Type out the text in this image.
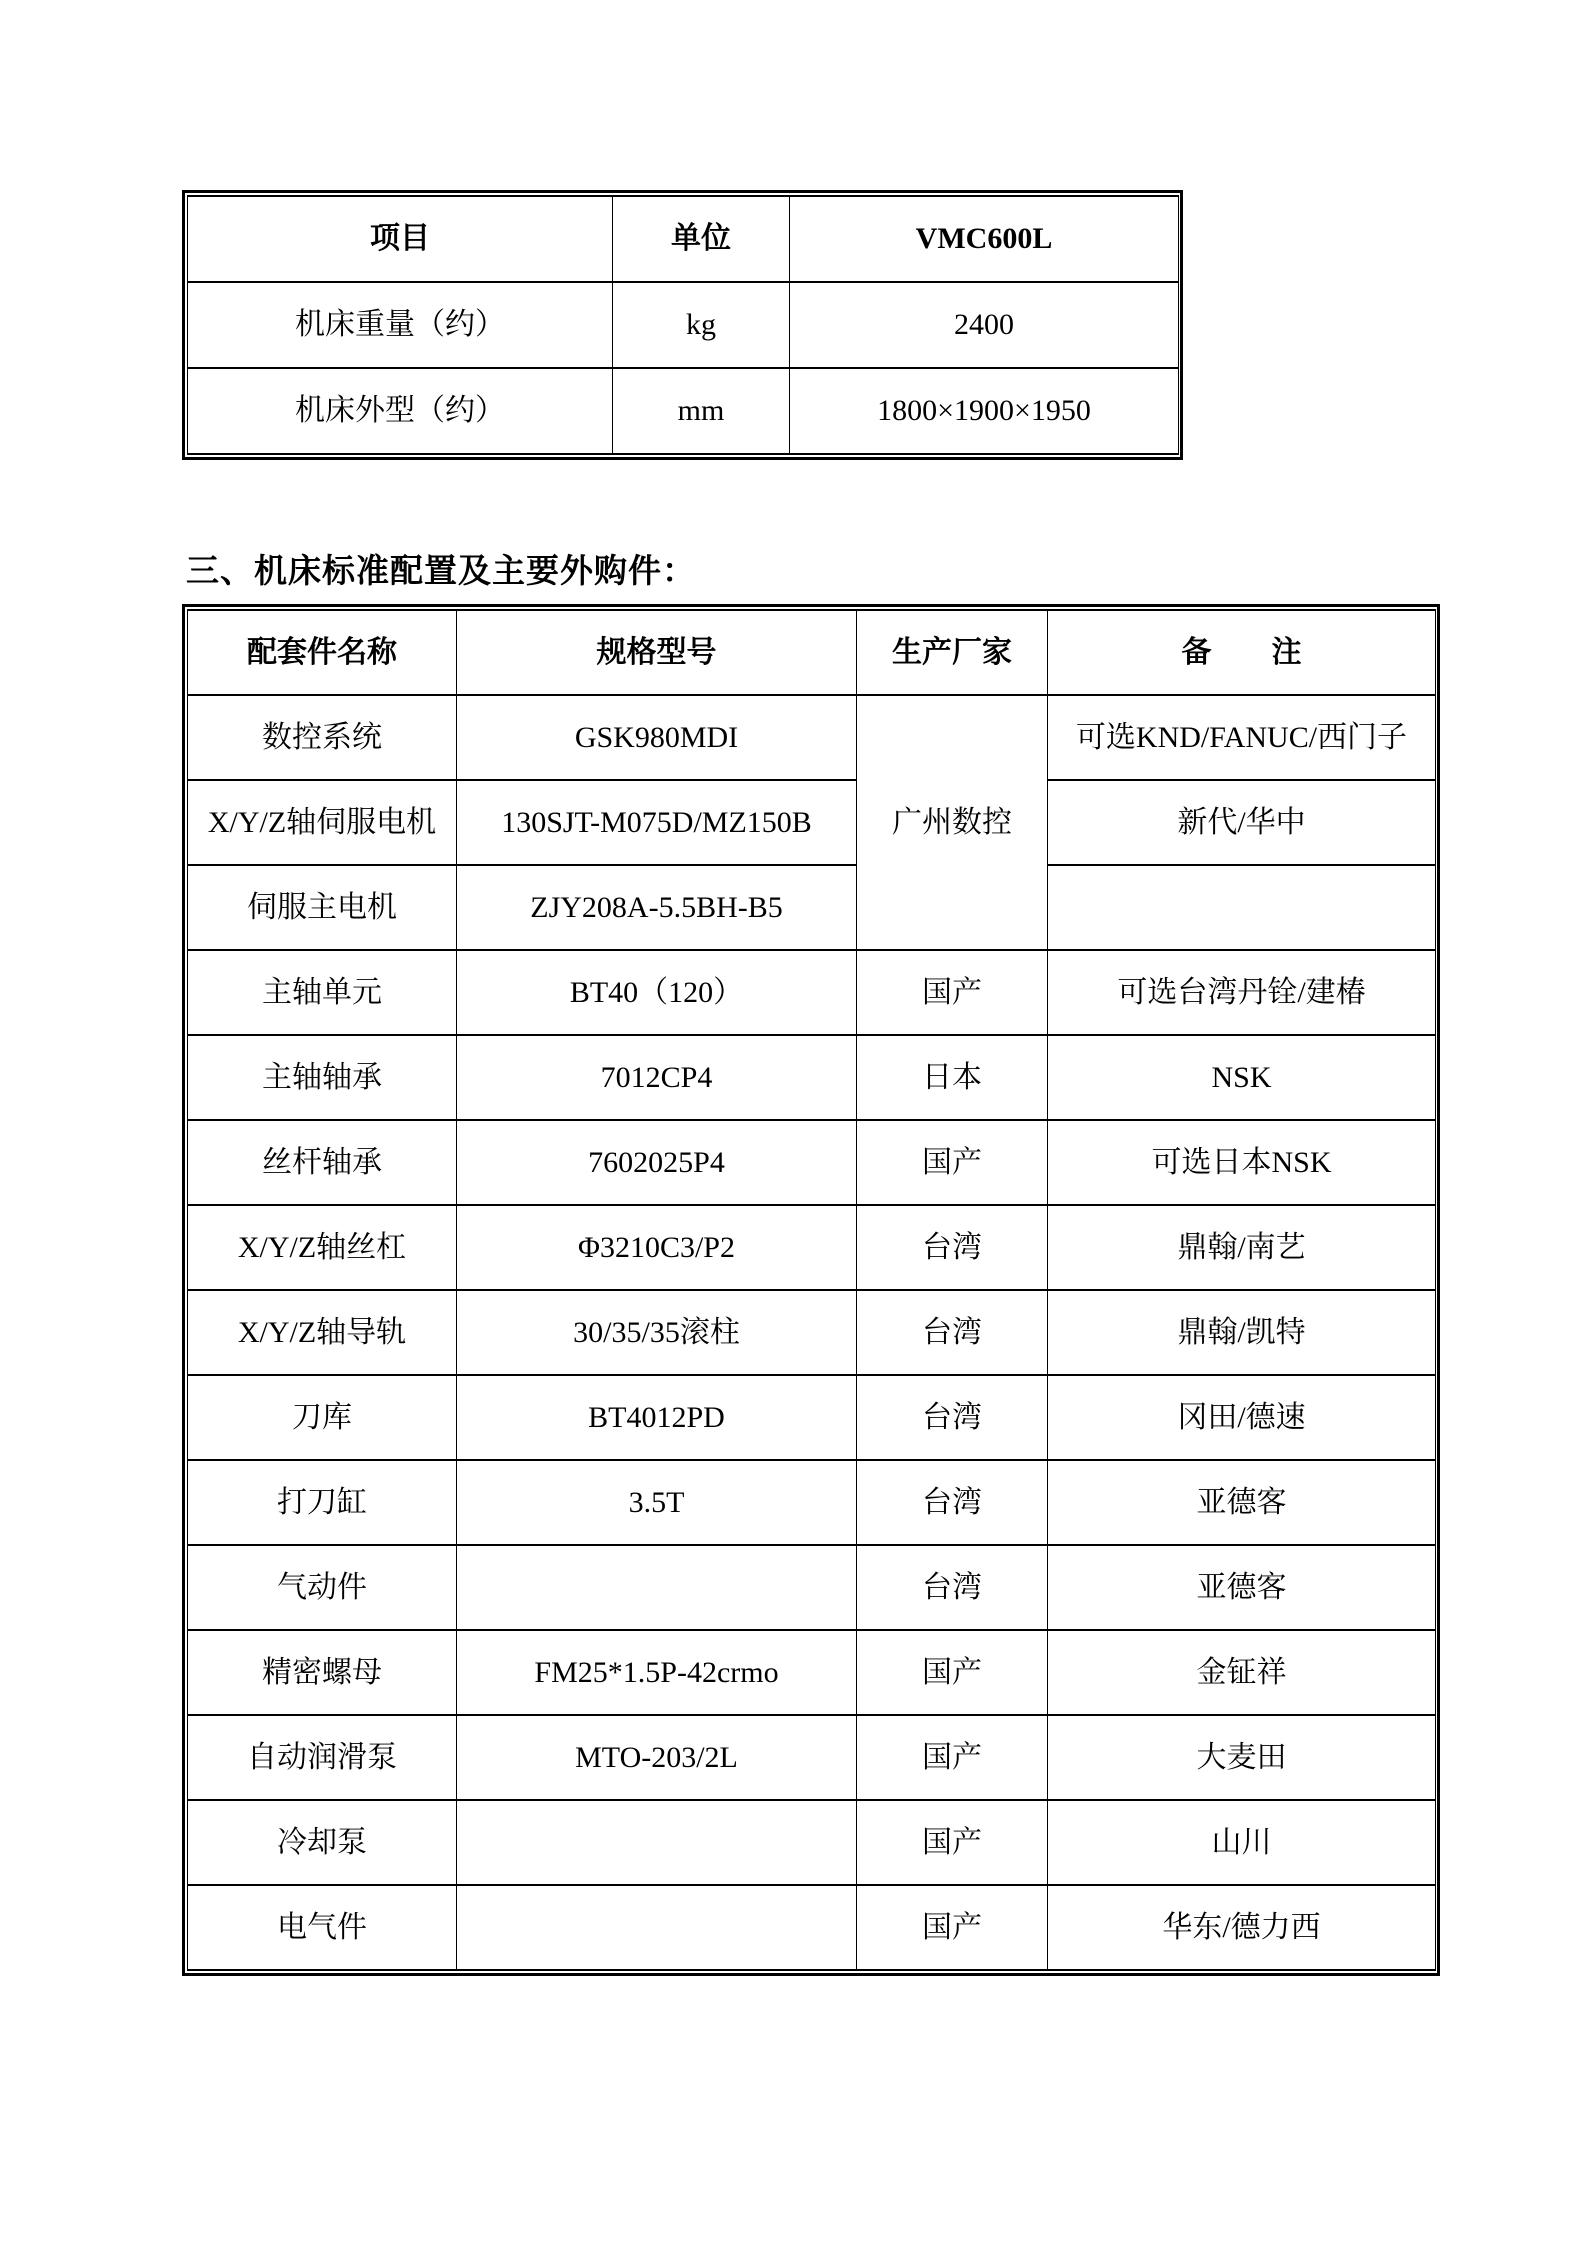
项目	单位	VMC600L
机床重量（约）	kg	2400
机床外型（约）	mm	1800×1900×1950
三、机床标准配置及主要外购件：
配套件名称	规格型号	生产厂家	备　　注
数控系统	GSK980MDI	广州数控	可选KND/FANUC/西门子
X/Y/Z轴伺服电机	130SJT-M075D/MZ150B		新代/华中
伺服主电机	ZJY208A-5.5BH-B5		
主轴单元	BT40（120）	国产	可选台湾丹铨/建椿
主轴轴承	7012CP4	日本	NSK
丝杆轴承	7602025P4	国产	可选日本NSK
X/Y/Z轴丝杠	Φ3210C3/P2	台湾	鼎翰/南艺
X/Y/Z轴导轨	30/35/35滚柱	台湾	鼎翰/凯特
刀库	BT4012PD	台湾	冈田/德速
打刀缸	3.5T	台湾	亚德客
气动件		台湾	亚德客
精密螺母	FM25*1.5P-42crmo	国产	金钲祥
自动润滑泵	MTO-203/2L	国产	大麦田
冷却泵		国产	山川
电气件		国产	华东/德力西
